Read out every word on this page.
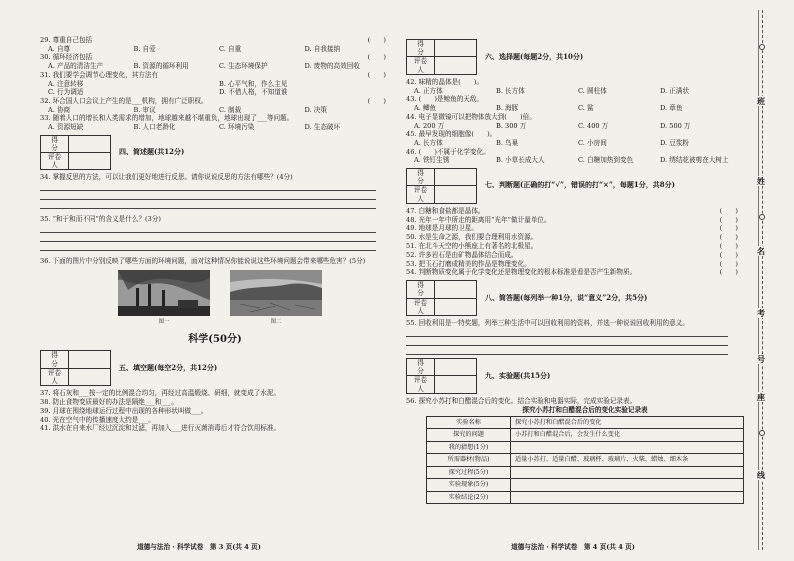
29. 尊重自己包括	(　　)
A. 自尊	B. 自爱	C. 自重	D. 自我接纳
30. 循环经济包括	(　　)
A. 产品的清洁生产	B. 资源的循环利用	C. 生态环境保护	D. 废物的高效回收
31. 我们要学会调节心理变化，其方法有	(　　)
A. 注意转移	B. 心平气和，作么主见
C. 行为调适	D. 不借人格，不知道谁
32. 环合国人口会议上产生的是___机构，拥有广泛职权。	(　　)
A. 协商	B. 审议	C. 制裁	D. 决策
33. 随着人口的增长和人类需求的增加，地球越来越不堪重负，地球出现了___等问题。
A. 资源短缺	B. 人口老龄化	C. 环境污染	D. 生态破坏
得　分	
评卷人	
四、简述题(共12分)
34. 掌握反思的方法，可以让我们更好地进行反思。请你说说反思的方法有哪些？(4分)
35. “和于和而不同”的含义是什么？(3分)
36. 下面的图片中分别反映了哪些方面的环境问题，面对这种情况你能说说这些环境问题会带来哪些危害？(5分)
图一	图二
科学(50分)
得　分	
评卷人	
五、填空题(每空2分，共12分)
37. 将石灰和___按一定的比例混合均匀，再经过高温煅烧、研细，就变成了水泥。
38. 防止食物变质最好的办法是隔绝___和___。
39. 月球在围绕地球运行过程中出现的各种形状叫做___。
40. 光在空气中的传播速度大约是___。
41. 洪水在自来水厂经过沉淀和过滤，再加入___进行灭菌消毒后才符合饮用标准。
道德与法治 · 科学试卷　第 3 页(共 4 页)
得　分	
评卷人	
六、选择题(每题2分，共10分)
42. 味精的晶体是(　　)。
A. 正方体	B. 长方体	C. 圆柱体	D. 正满状
43. (　　)是鲸鱼的天敌。
A. 鲫鱼	B. 海豚	C. 鲨	D. 章鱼
44. 电子显微镜可以把物体放大到(　　)倍。
A. 200 万	B. 300 万	C. 400 万	D. 500 万
45. 最早发现的细胞像(　　)。
A. 长方体	B. 鸟巢	C. 小房间	D. 豆浆粉
46. (　　)不属于化学变化。
A. 铁钉生锈	B. 小草长成大人	C. 白糖加热到变色	D. 绣结花被剪在大树上
得　分	
评卷人	
七、判断题(正确的打“√”，错误的打“×”，每题1分，共8分)
47. 白糖和食盐都是晶体。	(　　)
48. 光年一年中所走的距离用“光年”做计量单位。	(　　)
49. 地球是月球的卫星。	(　　)
50. 水是生命之源，我们要合理利用水资源。	(　　)
51. 在北斗天空的小熊座上有著名的北极星。	(　　)
52. 许多岩石是由矿物晶体结合而成。	(　　)
53. 把玉石打磨成精美的作品是物理变化。	(　　)
54. 判断物质变化属于化学变化还是物理变化的根本标准是看是否产生新物质。	(　　)
得　分	
评卷人	
八、简答题(每列举一种1分，说“意义”2分，共5分)
55. 回收利用是一特奖题，列举三种生活中可以回收利用的资料，并选一种说说回收利用的意义。
得　分	
评卷人	
九、实验题(共15分)
56. 探究小苏打和白醋混合后的变化。结合实验和电器实际，完成实验记录表。
探究小苏打和白醋混合后的变化实验记录表
实验名称	探究小苏打和白醋混合后的变化
探究的问题	小苏打和白醋混合后，会发生什么变化
我的猜想(1分)	
所需器材(物品)	适量小苏打、适量白醋、玻璃杯、玻璃片、火柴、蜡烛、细木条
探究过程(5分)	
实验现象(5分)	
实验结论(2分)	
道德与法治 · 科学试卷　第 4 页(共 4 页)
班
姓
名
考
号
座
线
